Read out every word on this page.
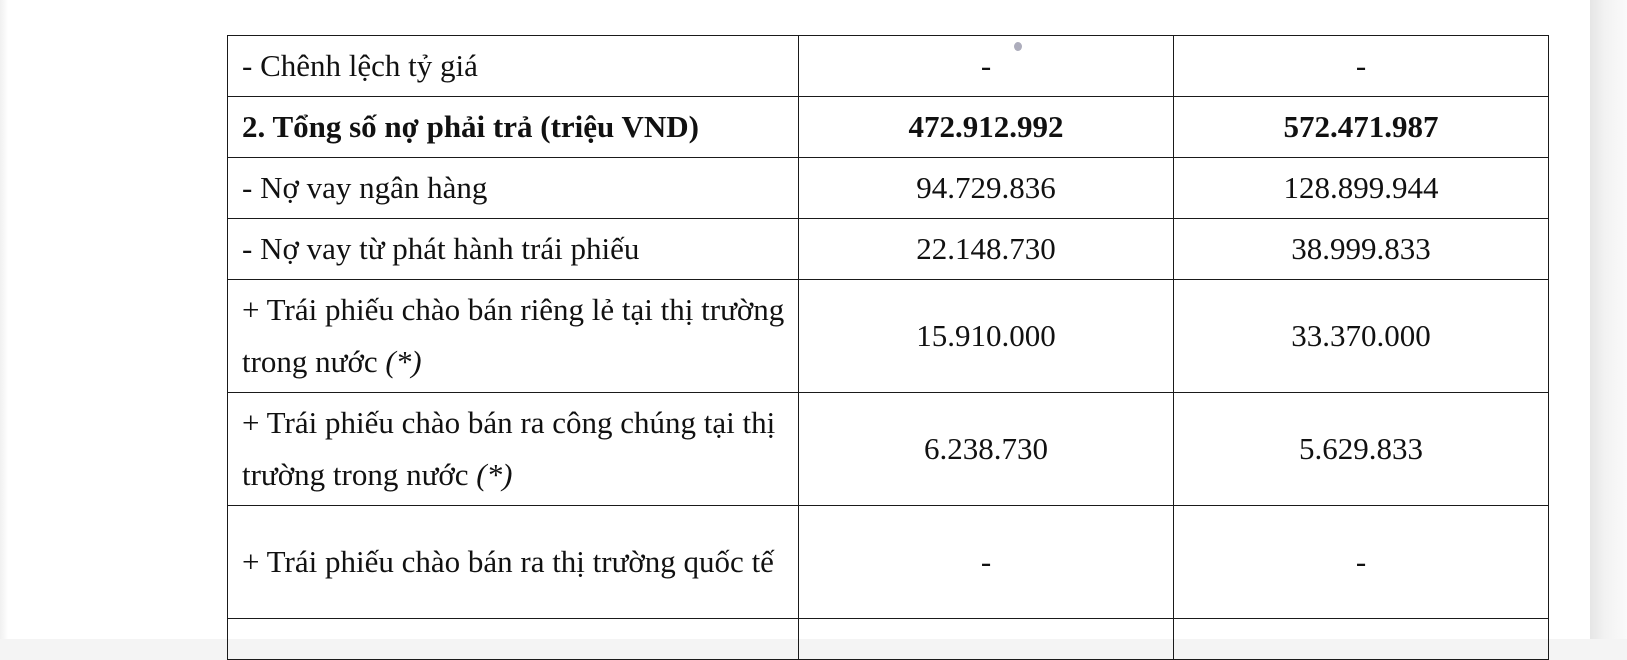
- Chênh lệch tỷ giá	-	-
2. Tổng số nợ phải trả (triệu VND)	472.912.992	572.471.987
- Nợ vay ngân hàng	94.729.836	128.899.944
- Nợ vay từ phát hành trái phiếu	22.148.730	38.999.833
+ Trái phiếu chào bán riêng lẻ tại thị trường trong nước (*)	15.910.000	33.370.000
+ Trái phiếu chào bán ra công chúng tại thị trường trong nước (*)	6.238.730	5.629.833
+ Trái phiếu chào bán ra thị trường quốc tế	-	-
